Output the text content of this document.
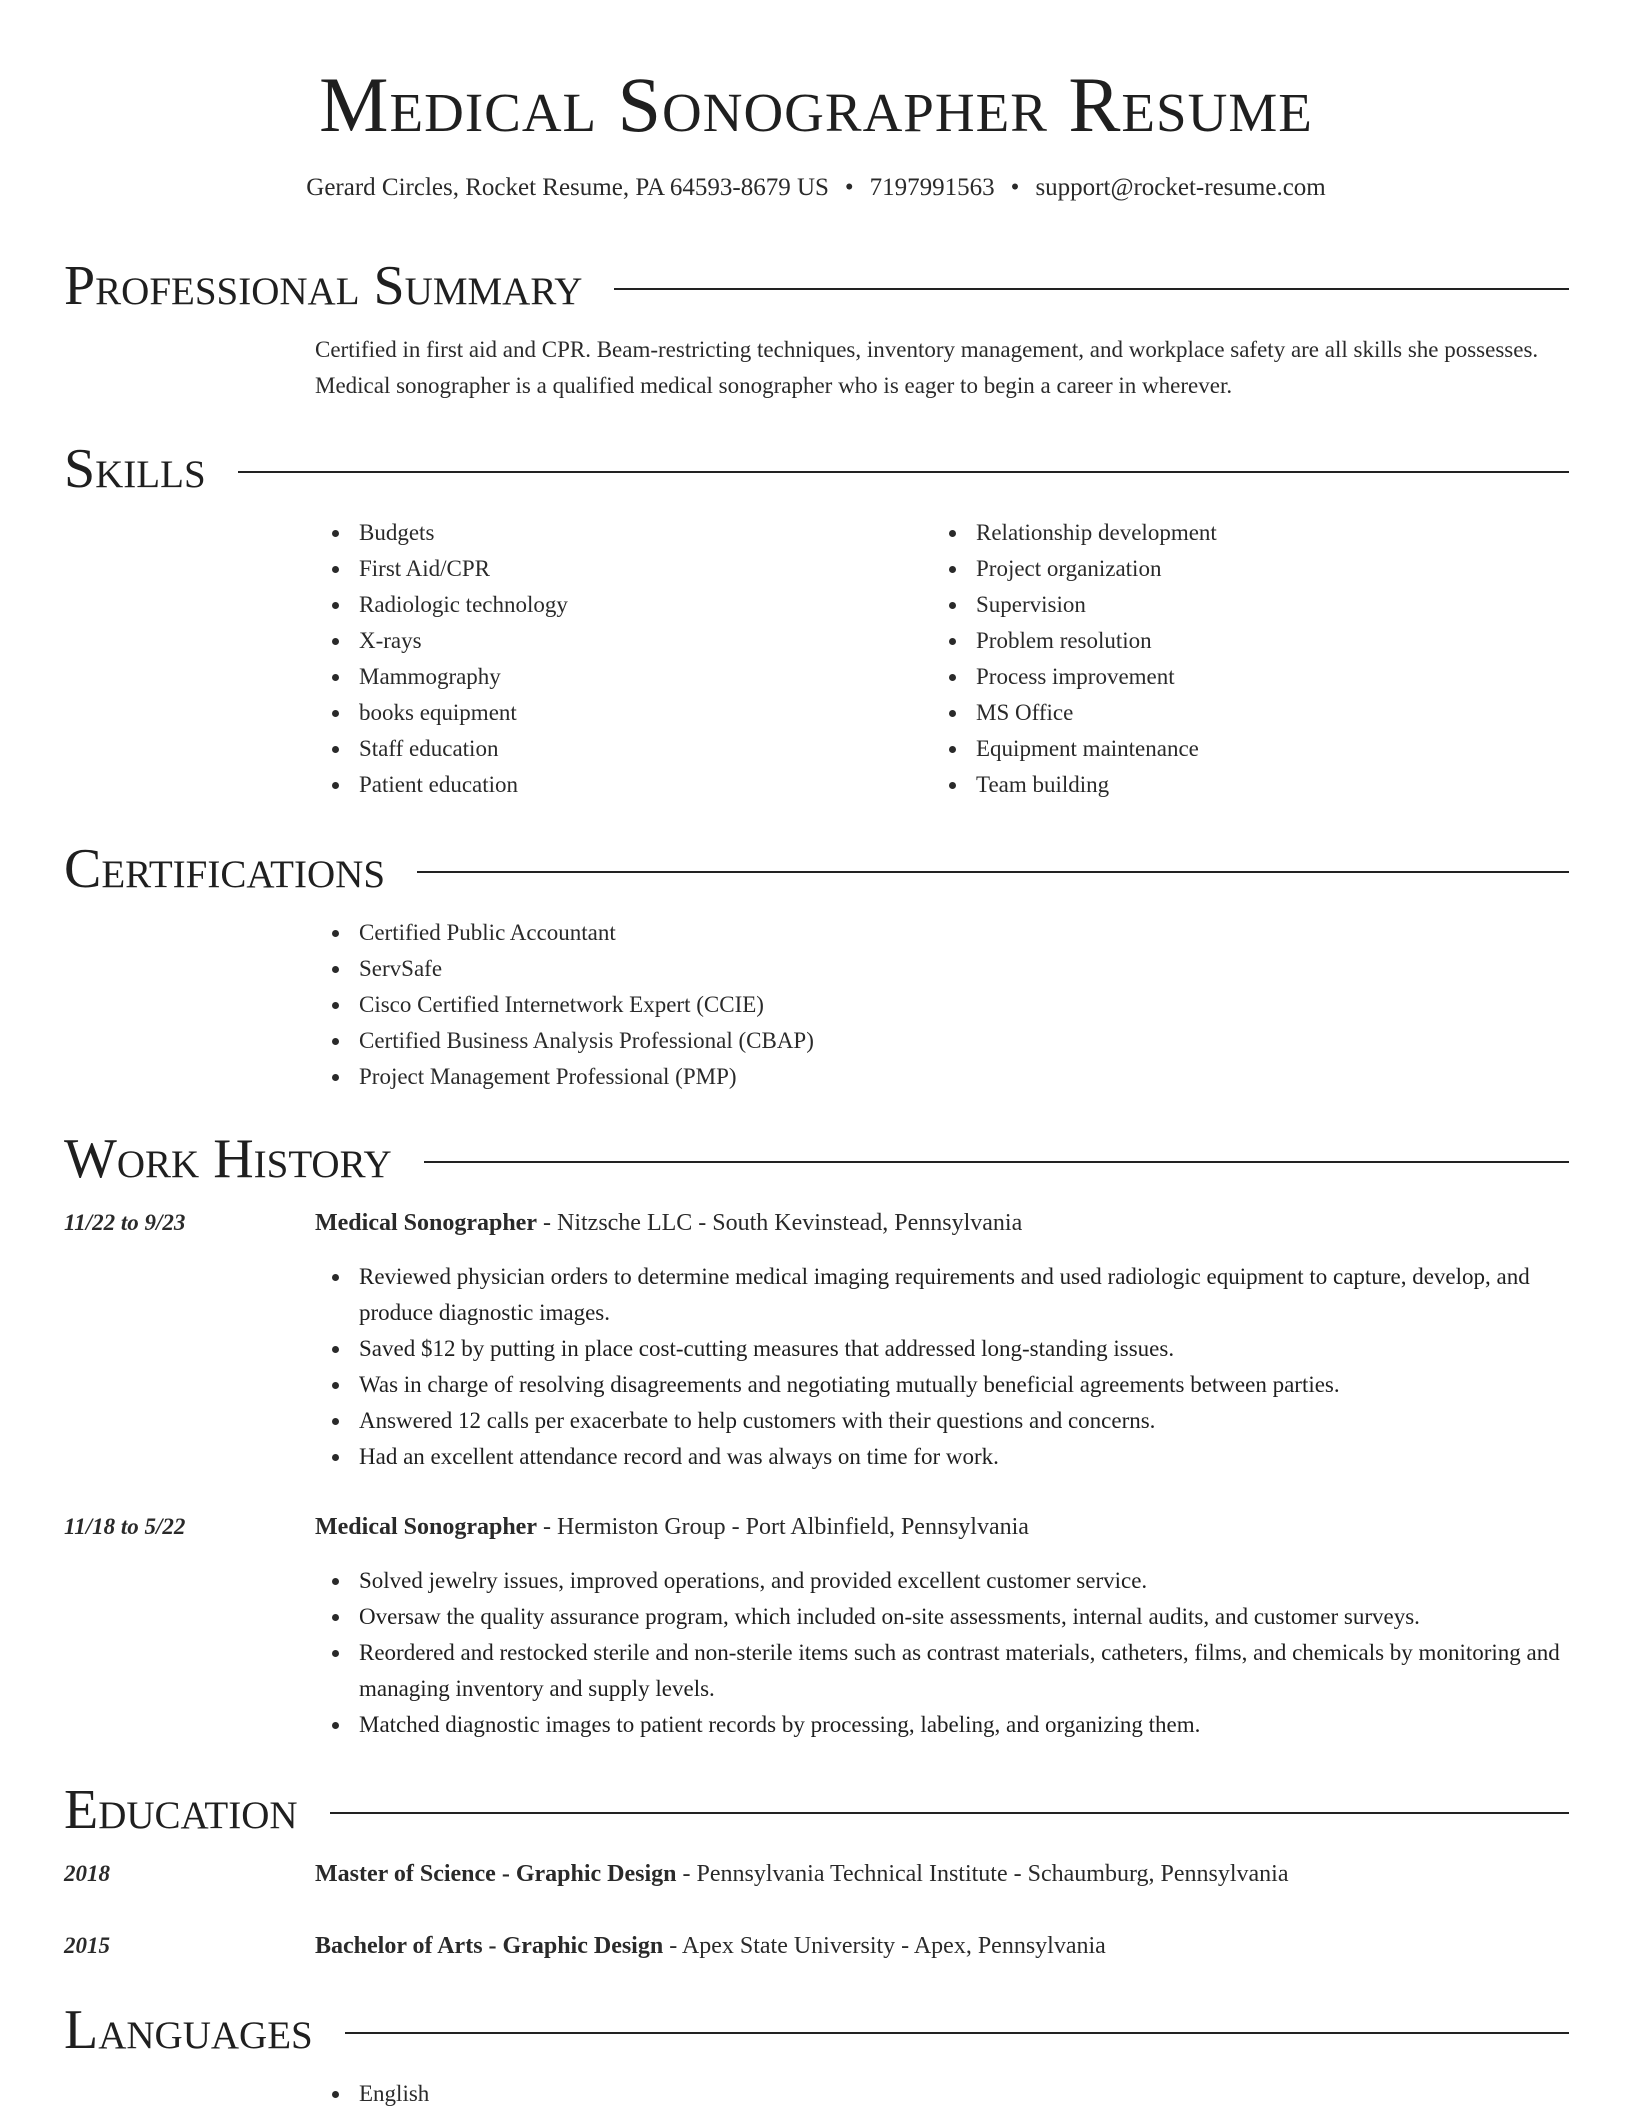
Medical Sonographer Resume
Gerard Circles, Rocket Resume, PA 64593-8679 US • 7197991563 • support@rocket-resume.com
Professional Summary

Certified in first aid and CPR. Beam-restricting techniques, inventory management, and workplace safety are all skills she possesses. Medical sonographer is a qualified medical sonographer who is eager to begin a career in wherever.

Skills
Budgets
First Aid/CPR
Radiologic technology
X-rays
Mammography
books equipment
Staff education
Patient education
Relationship development
Project organization
Supervision
Problem resolution
Process improvement
MS Office
Equipment maintenance
Team building
Certifications
Certified Public Accountant
ServSafe
Cisco Certified Internetwork Expert (CCIE)
Certified Business Analysis Professional (CBAP)
Project Management Professional (PMP)
Work History
11/22 to 9/23	Medical Sonographer - Nitzsche LLC - South Kevinstead, Pennsylvania
Reviewed physician orders to determine medical imaging requirements and used radiologic equipment to capture, develop, and produce diagnostic images.
Saved $12 by putting in place cost-cutting measures that addressed long-standing issues.
Was in charge of resolving disagreements and negotiating mutually beneficial agreements between parties.
Answered 12 calls per exacerbate to help customers with their questions and concerns.
Had an excellent attendance record and was always on time for work.
11/18 to 5/22	Medical Sonographer - Hermiston Group - Port Albinfield, Pennsylvania
Solved jewelry issues, improved operations, and provided excellent customer service.
Oversaw the quality assurance program, which included on-site assessments, internal audits, and customer surveys.
Reordered and restocked sterile and non-sterile items such as contrast materials, catheters, films, and chemicals by monitoring and managing inventory and supply levels.
Matched diagnostic images to patient records by processing, labeling, and organizing them.
Education
2018	Master of Science - Graphic Design - Pennsylvania Technical Institute - Schaumburg, Pennsylvania
2015	Bachelor of Arts - Graphic Design - Apex State University - Apex, Pennsylvania
Languages
English
